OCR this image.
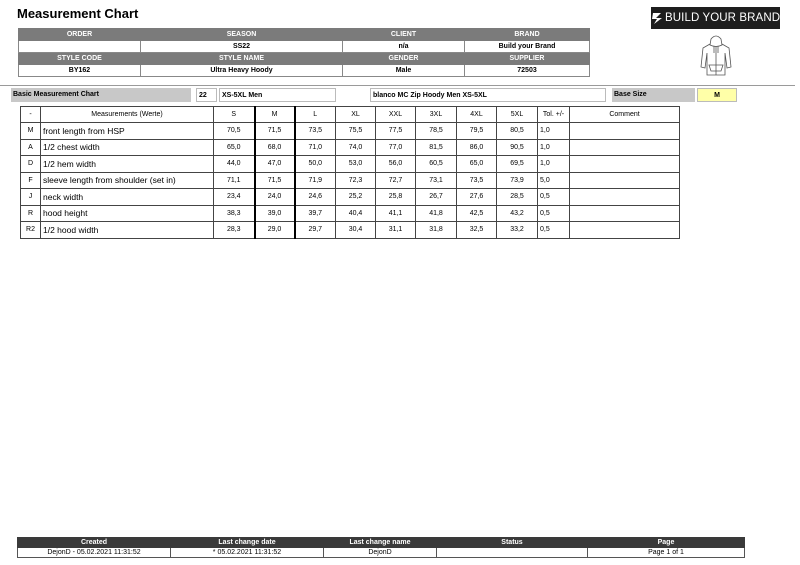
Measurement Chart	BUILD YOUR BRAND
ORDER	SEASON	CLIENT	BRAND
	SS22	n/a	Build your Brand
STYLE CODE	STYLE NAME	GENDER	SUPPLIER
BY162	Ultra Heavy Hoody	Male	72503
Basic Measurement Chart	22	XS-5XL Men	blanco MC Zip Hoody Men XS-5XL	Base Size	M
-	Measurements (Werte)	S	M	L	XL	XXL	3XL	4XL	5XL	Tol. +/-	Comment
M	front length from HSP	70,5	71,5	73,5	75,5	77,5	78,5	79,5	80,5	1,0	
A	1/2 chest width	65,0	68,0	71,0	74,0	77,0	81,5	86,0	90,5	1,0	
D	1/2 hem width	44,0	47,0	50,0	53,0	56,0	60,5	65,0	69,5	1,0	
F	sleeve length from shoulder (set in)	71,1	71,5	71,9	72,3	72,7	73,1	73,5	73,9	5,0	
J	neck width	23,4	24,0	24,6	25,2	25,8	26,7	27,6	28,5	0,5	
R	hood height	38,3	39,0	39,7	40,4	41,1	41,8	42,5	43,2	0,5	
R2	1/2 hood width	28,3	29,0	29,7	30,4	31,1	31,8	32,5	33,2	0,5	
Created	Last change date	Last change name	Status	Page
DejonD - 05.02.2021 11:31:52	* 05.02.2021 11:31:52	DejonD		Page 1 of 1
